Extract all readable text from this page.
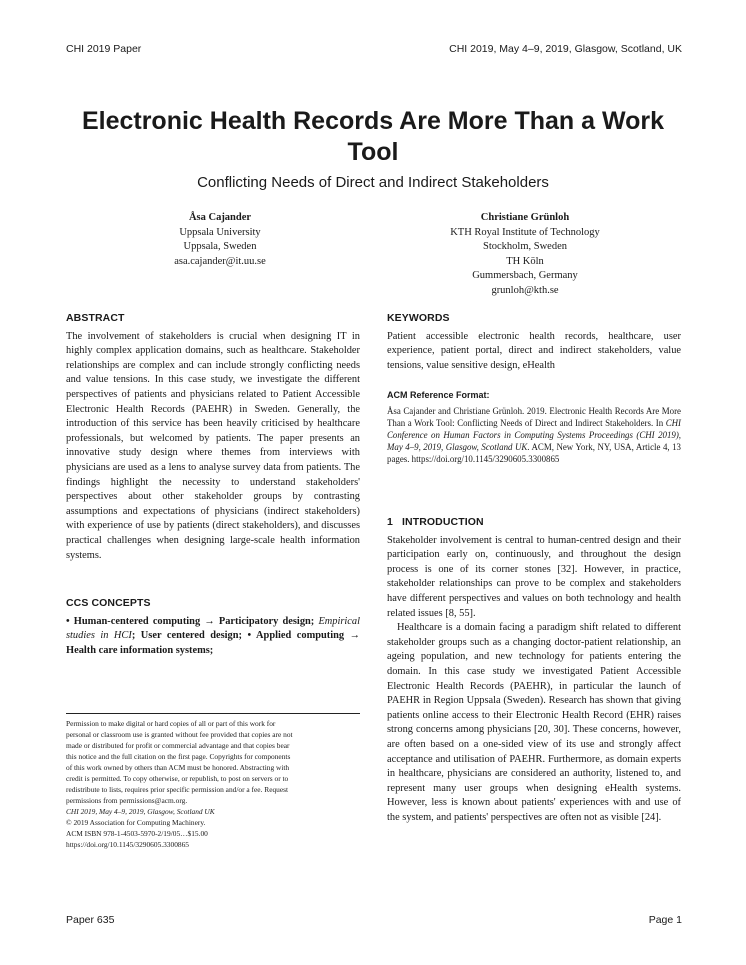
CHI 2019 Paper	CHI 2019, May 4–9, 2019, Glasgow, Scotland, UK
Electronic Health Records Are More Than a Work
Tool
Conflicting Needs of Direct and Indirect Stakeholders
Åsa Cajander
Uppsala University
Uppsala, Sweden
asa.cajander@it.uu.se
Christiane Grünloh
KTH Royal Institute of Technology
Stockholm, Sweden
TH Köln
Gummersbach, Germany
grunloh@kth.se
ABSTRACT
The involvement of stakeholders is crucial when designing IT in highly complex application domains, such as healthcare. Stakeholder relationships are complex and can include strongly conflicting needs and value tensions. In this case study, we investigate the different perspectives of patients and physicians related to Patient Accessible Electronic Health Records (PAEHR) in Sweden. Generally, the introduction of this service has been heavily criticised by healthcare professionals, but welcomed by patients. The paper presents an innovative study design where themes from interviews with physicians are used as a lens to analyse survey data from patients. The findings highlight the necessity to understand stakeholders' perspectives about other stakeholder groups by contrasting assumptions and expectations of physicians (indirect stakeholders) with experience of use by patients (direct stakeholders), and discusses practical challenges when designing large-scale health information systems.
CCS CONCEPTS
• Human-centered computing → Participatory design; Empirical studies in HCI; User centered design; • Applied computing → Health care information systems;
Permission to make digital or hard copies of all or part of this work for
personal or classroom use is granted without fee provided that copies are not
made or distributed for profit or commercial advantage and that copies bear
this notice and the full citation on the first page. Copyrights for components
of this work owned by others than ACM must be honored. Abstracting with
credit is permitted. To copy otherwise, or republish, to post on servers or to
redistribute to lists, requires prior specific permission and/or a fee. Request
permissions from permissions@acm.org.
CHI 2019, May 4–9, 2019, Glasgow, Scotland UK
© 2019 Association for Computing Machinery.
ACM ISBN 978-1-4503-5970-2/19/05…$15.00
https://doi.org/10.1145/3290605.3300865
KEYWORDS
Patient accessible electronic health records, healthcare, user experience, patient portal, direct and indirect stakeholders, value tensions, value sensitive design, eHealth
ACM Reference Format:
Åsa Cajander and Christiane Grünloh. 2019. Electronic Health Records Are More Than a Work Tool: Conflicting Needs of Direct and Indirect Stakeholders. In CHI Conference on Human Factors in Computing Systems Proceedings (CHI 2019), May 4–9, 2019, Glasgow, Scotland UK. ACM, New York, NY, USA, Article 4, 13 pages. https://doi.org/10.1145/3290605.3300865
1   INTRODUCTION
Stakeholder involvement is central to human-centred design and their participation early on, continuously, and throughout the design process is one of its corner stones [32]. However, in practice, stakeholder relationships can prove to be complex and stakeholders have different perspectives and values on both technology and health related issues [8, 55].
Healthcare is a domain facing a paradigm shift related to different stakeholder groups such as a changing doctor-patient relationship, an ageing population, and new technology for patients entering the domain. In this case study we investigated Patient Accessible Electronic Health Records (PAEHR), in particular the launch of PAEHR in Region Uppsala (Sweden). Research has shown that giving patients online access to their Electronic Health Record (EHR) raises strong concerns among physicians [20, 30]. These concerns, however, are often based on a one-sided view of its use and strongly affect acceptance and utilisation of PAEHR. Furthermore, as domain experts in healthcare, physicians are considered an authority, listened to, and represent many user groups when designing eHealth systems. However, less is known about patients' experiences with and use of the system, and patients' perspectives are often not as visible [24].
Paper 635	Page 1
